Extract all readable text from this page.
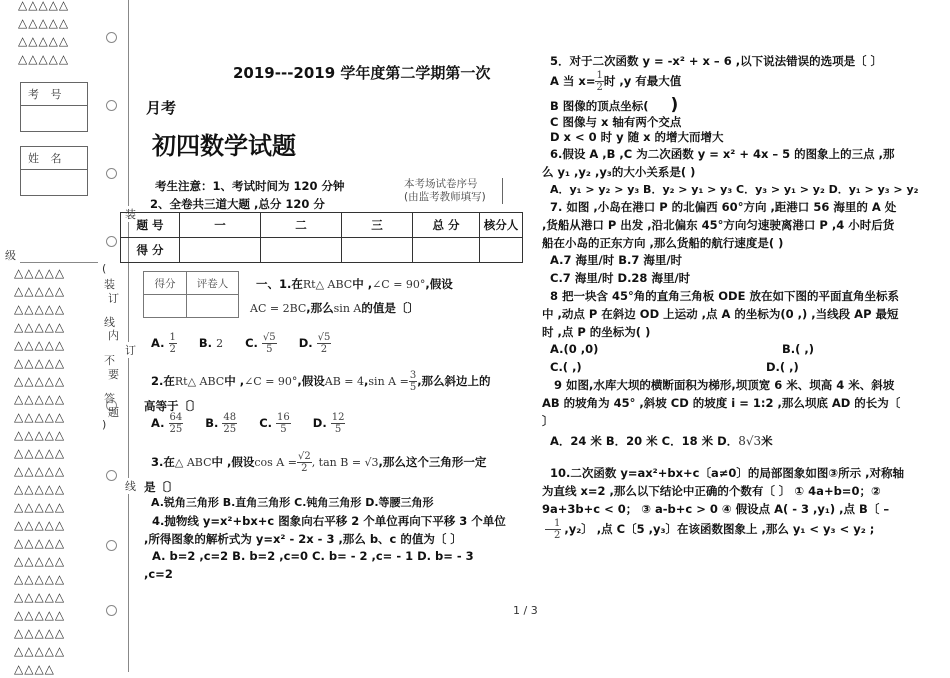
△△△△△
△△△△△
△△△△△
△△△△△
考 号
姓 名
级
△△△△△
△△△△△
△△△△△
△△△△△
△△△△△
△△△△△
△△△△△
△△△△△
△△△△△
△△△△△
△△△△△
△△△△△
△△△△△
△△△△△
△△△△△
△△△△△
△△△△△
△△△△△
△△△△△
△△△△△
△△△△△
△△△△△
△△△△
(
装
订
线
内
不
要
答
题
)
装
订
线
2019---2019 学年度第二学期第一次
月考
初四数学试题
本考场试卷序号
(由监考教师填写)
考生注意：1、考试时间为 120 分钟
2、全卷共三道大题 ,总分 120 分
题 号	一	二	三	总 分	核分人
得 分					
得分	评卷人
	一、1.在Rt△ ABC中 ,∠C = 90°,假设
AC = 2BC,那么sin A的值是〔〕
A. $\frac{1}{2} B$. 2 C. $\frac{√5}{5} D$. $\frac{√5}{2}$
2.在Rt△ ABC中 ,∠C = 90°,假设AB = 4,sin $A = \frac{3}{5}$ ,那么斜边上的
高等于〔〕
A. $\frac{64}{25} B$. $\frac{48}{25} C$. $\frac{16}{5} D$. $\frac{12}{5}$
3.在△ ABC中 ,假设$\cos A = \frac{√2}{2}$ , tan B = √3,那么这个三角形一定
是〔〕
A.锐角三角形 B.直角三角形 C.钝角三角形 D.等腰三角形
4.抛物线 y=x²+bx+c 图象向右平移 2 个单位再向下平移 3 个单位 ,所得图象的解析式为 y=x² - 2x - 3 ,那么 b、c 的值为〔 〕
A. b=2 ,c=2 B. b=2 ,c=0 C. b= - 2 ,c= - 1 D. b= - 3 ,c=2
5．对于二次函数 y = -x² + x – 6 ,以下说法错误的选项是〔 〕
A 当 $x= \frac{1}{2}$ 时 ,y 有最大值
B 图像的顶点坐标( )
C 图像与 x 轴有两个交点
D x < 0 时 y 随 x 的增大而增大
6.假设 A ,B ,C 为二次函数 y = x² + 4x – 5 的图象上的三点 ,那么 y₁ ,y₂ ,y₃的大小关系是( )
A．y₁ > y₂ > y₃ B．y₂ > y₁ > y₃ C．y₃ > y₁ > y₂ D．y₁ > y₃ > y₂
7. 如图 ,小岛在港口 P 的北偏西 60°方向 ,距港口 56 海里的 A 处 ,货船从港口 P 出发 ,沿北偏东 45°方向匀速驶离港口 P ,4 小时后货船在小岛的正东方向 ,那么货船的航行速度是( )
A.7 海里/时 B.7 海里/时
C.7 海里/时 D.28 海里/时
8 把一块含 45°角的直角三角板 ODE 放在如下图的平面直角坐标系中 ,动点 P 在斜边 OD 上运动 ,点 A 的坐标为(0 ,) ,当线段 AP 最短时 ,点 P 的坐标为( )
A.(0 ,0)	B.( ,)
C.( ,)	D.( ,)
9 如图,水库大坝的横断面积为梯形,坝顶宽 6 米、坝高 4 米、斜坡 AB 的坡角为 45° ,斜坡 CD 的坡度 i = 1:2 ,那么坝底 AD 的长为〔 〕
A．24 米 B．20 米 C．18 米 D．8√3米
10.二次函数 y=ax²+bx+c〔a≠0〕的局部图象如图③所示 ,对称轴为直线 x=2 ,那么以下结论中正确的个数有〔 〕 ① 4a+b=0；② 9a+3b+c < 0； ③ a-b+c > 0 ④ 假设点 A( - 3 ,y₁) ,点 B〔 –
$\frac{1}{2} ,y_2$〕 ,点 C〔5 ,y₃〕在该函数图象上 ,那么 y₁ < y₃ < y₂ ;
1 / 3
